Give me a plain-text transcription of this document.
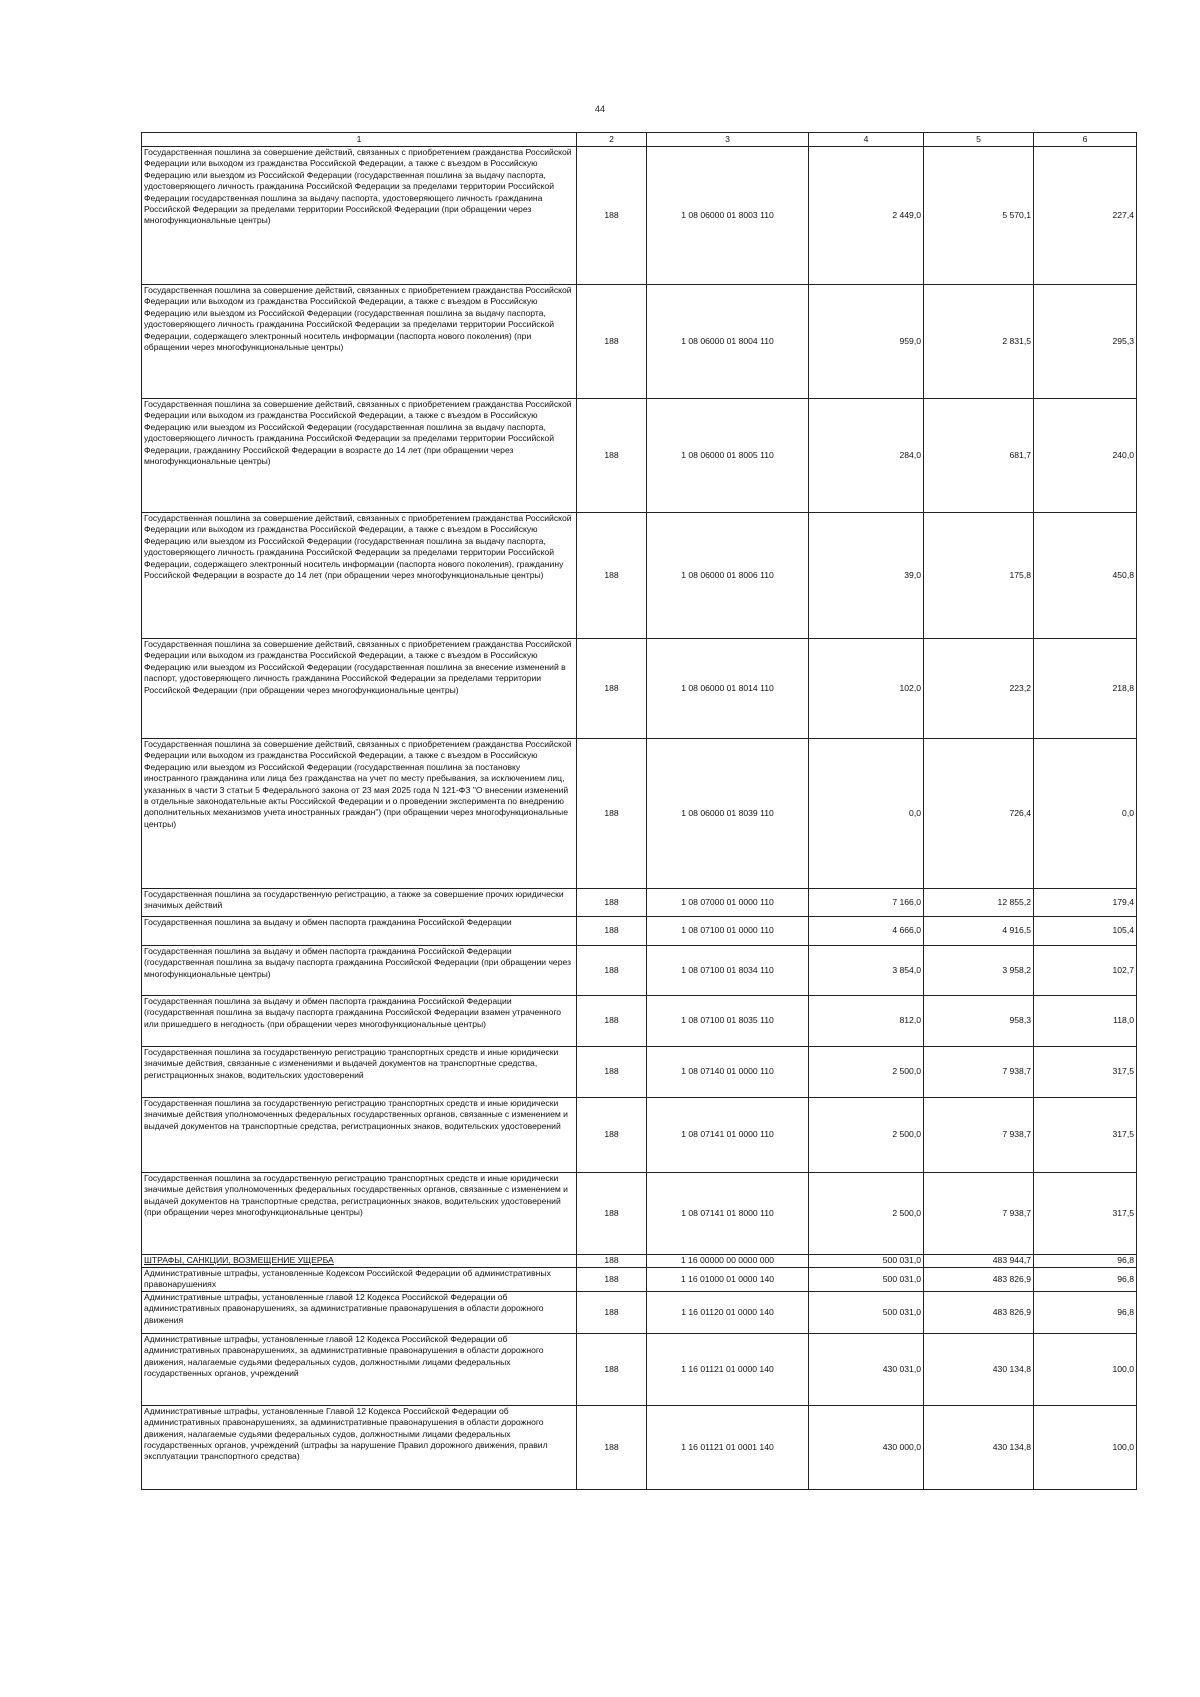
44
1	2	3	4	5	6
Государственная пошлина за совершение действий, связанных с приобретением гражданства Российской Федерации или выходом из гражданства Российской Федерации, а также с въездом в Российскую Федерацию или выездом из Российской Федерации (государственная пошлина за выдачу паспорта, удостоверяющего личность гражданина Российской Федерации за пределами территории Российской Федерации государственная пошлина за выдачу паспорта, удостоверяющего личность гражданина Российской Федерации за пределами территории Российской Федерации (при обращении через многофункциональные центры)	188	1 08 06000 01 8003 110	2 449,0	5 570,1	227,4
Государственная пошлина за совершение действий, связанных с приобретением гражданства Российской Федерации или выходом из гражданства Российской Федерации, а также с въездом в Российскую Федерацию или выездом из Российской Федерации (государственная пошлина за выдачу паспорта, удостоверяющего личность гражданина Российской Федерации за пределами территории Российской Федерации, содержащего электронный носитель информации (паспорта нового поколения) (при обращении через многофункциональные центры)	188	1 08 06000 01 8004 110	959,0	2 831,5	295,3
Государственная пошлина за совершение действий, связанных с приобретением гражданства Российской Федерации или выходом из гражданства Российской Федерации, а также с въездом в Российскую Федерацию или выездом из Российской Федерации (государственная пошлина за выдачу паспорта, удостоверяющего личность гражданина Российской Федерации за пределами территории Российской Федерации, гражданину Российской Федерации в возрасте до 14 лет (при обращении через многофункциональные центры)	188	1 08 06000 01 8005 110	284,0	681,7	240,0
Государственная пошлина за совершение действий, связанных с приобретением гражданства Российской Федерации или выходом из гражданства Российской Федерации, а также с въездом в Российскую Федерацию или выездом из Российской Федерации (государственная пошлина за выдачу паспорта, удостоверяющего личность гражданина Российской Федерации за пределами территории Российской Федерации, содержащего электронный носитель информации (паспорта нового поколения), гражданину Российской Федерации в возрасте до 14 лет (при обращении через многофункциональные центры)	188	1 08 06000 01 8006 110	39,0	175,8	450,8
Государственная пошлина за совершение действий, связанных с приобретением гражданства Российской Федерации или выходом из гражданства Российской Федерации, а также с въездом в Российскую Федерацию или выездом из Российской Федерации (государственная пошлина за внесение изменений в паспорт, удостоверяющего личность гражданина Российской Федерации за пределами территории Российской Федерации (при обращении через многофункциональные центры)	188	1 08 06000 01 8014 110	102,0	223,2	218,8
Государственная пошлина за совершение действий, связанных с приобретением гражданства Российской Федерации или выходом из гражданства Российской Федерации, а также с въездом в Российскую Федерацию или выездом из Российской Федерации (государственная пошлина за постановку иностранного гражданина или лица без гражданства на учет по месту пребывания, за исключением лиц, указанных в части 3 статьи 5 Федерального закона от 23 мая 2025 года N 121-ФЗ "О внесении изменений в отдельные законодательные акты Российской Федерации и о проведении эксперимента по внедрению дополнительных механизмов учета иностранных граждан") (при обращении через многофункциональные центры)	188	1 08 06000 01 8039 110	0,0	726,4	0,0
Государственная пошлина за государственную регистрацию, а также за совершение прочих юридически значимых действий	188	1 08 07000 01 0000 110	7 166,0	12 855,2	179,4
Государственная пошлина за выдачу и обмен паспорта гражданина Российской Федерации	188	1 08 07100 01 0000 110	4 666,0	4 916,5	105,4
Государственная пошлина за выдачу и обмен паспорта гражданина Российской Федерации (государственная пошлина за выдачу паспорта гражданина Российской Федерации (при обращении через многофункциональные центры)	188	1 08 07100 01 8034 110	3 854,0	3 958,2	102,7
Государственная пошлина за выдачу и обмен паспорта гражданина Российской Федерации (государственная пошлина за выдачу паспорта гражданина Российской Федерации взамен утраченного или пришедшего в негодность (при обращении через многофункциональные центры)	188	1 08 07100 01 8035 110	812,0	958,3	118,0
Государственная пошлина за государственную регистрацию транспортных средств и иные юридически значимые действия, связанные с изменениями и выдачей документов на транспортные средства, регистрационных знаков, водительских удостоверений	188	1 08 07140 01 0000 110	2 500,0	7 938,7	317,5
Государственная пошлина за государственную регистрацию транспортных средств и иные юридически значимые действия уполномоченных федеральных государственных органов, связанные с изменением и выдачей документов на транспортные средства, регистрационных знаков, водительских удостоверений	188	1 08 07141 01 0000 110	2 500,0	7 938,7	317,5
Государственная пошлина за государственную регистрацию транспортных средств и иные юридически значимые действия уполномоченных федеральных государственных органов, связанные с изменением и выдачей документов на транспортные средства, регистрационных знаков, водительских удостоверений (при обращении через многофункциональные центры)	188	1 08 07141 01 8000 110	2 500,0	7 938,7	317,5
ШТРАФЫ, САНКЦИИ, ВОЗМЕЩЕНИЕ УЩЕРБА	188	1 16 00000 00 0000 000	500 031,0	483 944,7	96,8
Административные штрафы, установленные Кодексом Российской Федерации об административных правонарушениях	188	1 16 01000 01 0000 140	500 031,0	483 826,9	96,8
Административные штрафы, установленные главой 12 Кодекса Российской Федерации об административных правонарушениях, за административные правонарушения в области дорожного движения	188	1 16 01120 01 0000 140	500 031,0	483 826,9	96,8
Административные штрафы, установленные главой 12 Кодекса Российской Федерации об административных правонарушениях, за административные правонарушения в области дорожного движения, налагаемые судьями федеральных судов, должностными лицами федеральных государственных органов, учреждений	188	1 16 01121 01 0000 140	430 031,0	430 134,8	100,0
Административные штрафы, установленные Главой 12 Кодекса Российской Федерации об административных правонарушениях, за административные правонарушения в области дорожного движения, налагаемые судьями федеральных судов, должностными лицами федеральных государственных органов, учреждений (штрафы за нарушение Правил дорожного движения, правил эксплуатации транспортного средства)	188	1 16 01121 01 0001 140	430 000,0	430 134,8	100,0
